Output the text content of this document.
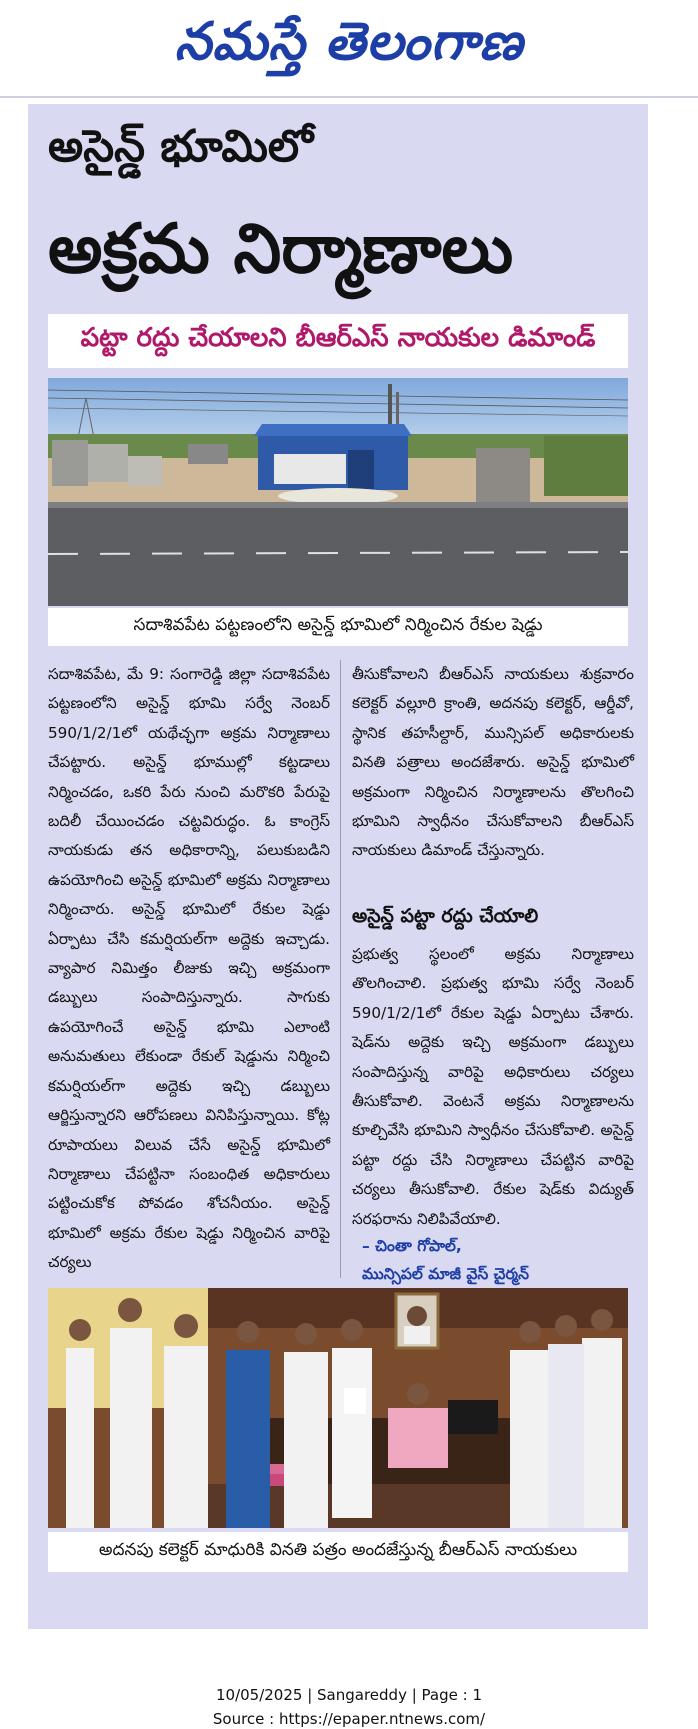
నమస్తే తెలంగాణ
అసైన్డ్ భూమిలో
అక్రమ నిర్మాణాలు
పట్టా రద్దు చేయాలని బీఆర్ఎస్ నాయకుల డిమాండ్
సదాశివపేట పట్టణంలోని అసైన్డ్ భూమిలో నిర్మించిన రేకుల షెడ్డు

సదాశివపేట, మే 9: సంగారెడ్డి జిల్లా సదాశివపేట పట్టణంలోని అసైన్డ్ భూమి సర్వే నెంబర్ 590/1/2/1లో యథేచ్ఛగా అక్రమ నిర్మాణాలు చేపట్టారు. అసైన్డ్ భూముల్లో కట్టడాలు నిర్మించడం, ఒకరి పేరు నుంచి మరొకరి పేరుపై బదిలీ చేయించడం చట్టవిరుద్ధం. ఓ కాంగ్రెస్ నాయకుడు తన అధికారాన్ని, పలుకుబడిని ఉపయోగించి అసైన్డ్ భూమిలో అక్రమ నిర్మాణాలు నిర్మించారు. అసైన్డ్ భూమిలో రేకుల షెడ్డు ఏర్పాటు చేసి కమర్షియల్‌గా అద్దెకు ఇచ్చాడు. వ్యాపార నిమిత్తం లీజుకు ఇచ్చి అక్రమంగా డబ్బులు సంపాదిస్తున్నారు. సాగుకు ఉపయోగించే అసైన్డ్ భూమి ఎలాంటి అనుమతులు లేకుండా రేకుల్ షెడ్డును నిర్మించి కమర్షియల్‌గా అద్దెకు ఇచ్చి డబ్బులు ఆర్జిస్తున్నారని ఆరోపణలు వినిపిస్తున్నాయి. కోట్ల రూపాయలు విలువ చేసే అసైన్డ్ భూమిలో నిర్మాణాలు చేపట్టినా సంబంధిత అధికారులు పట్టించుకోక పోవడం శోచనీయం. అసైన్డ్ భూమిలో అక్రమ రేకుల షెడ్డు నిర్మించిన వారిపై చర్యలు

తీసుకోవాలని బీఆర్ఎస్ నాయకులు శుక్రవారం కలెక్టర్ వల్లూరి క్రాంతి, అదనపు కలెక్టర్, ఆర్డీవో, స్థానిక తహసీల్దార్, మున్సిపల్ అధికారులకు వినతి పత్రాలు అందజేశారు. అసైన్డ్ భూమిలో అక్రమంగా నిర్మించిన నిర్మాణాలను తొలగించి భూమిని స్వాధీనం చేసుకోవాలని బీఆర్ఎస్ నాయకులు డిమాండ్ చేస్తున్నారు.

అసైన్డ్ పట్టా రద్దు చేయాలి

ప్రభుత్వ స్థలంలో అక్రమ నిర్మాణాలు తొలగించాలి. ప్రభుత్వ భూమి సర్వే నెంబర్ 590/1/2/1లో రేకుల షెడ్డు ఏర్పాటు చేశారు. షెడ్‌ను అద్దెకు ఇచ్చి అక్రమంగా డబ్బులు సంపాదిస్తున్న వారిపై అధికారులు చర్యలు తీసుకోవాలి. వెంటనే అక్రమ నిర్మాణాలను కూల్చివేసి భూమిని స్వాధీనం చేసుకోవాలి. అసైన్డ్ పట్టా రద్దు చేసి నిర్మాణాలు చేపట్టిన వారిపై చర్యలు తీసుకోవాలి. రేకుల షెడ్‌కు విద్యుత్ సరఫరాను నిలిపివేయాలి.

– చింతా గోపాల్,
మున్సిపల్ మాజీ వైస్ చైర్మన్
అదనపు కలెక్టర్ మాధురికి వినతి పత్రం అందజేస్తున్న బీఆర్ఎస్ నాయకులు
10/05/2025 | Sangareddy | Page : 1
Source : https://epaper.ntnews.com/
